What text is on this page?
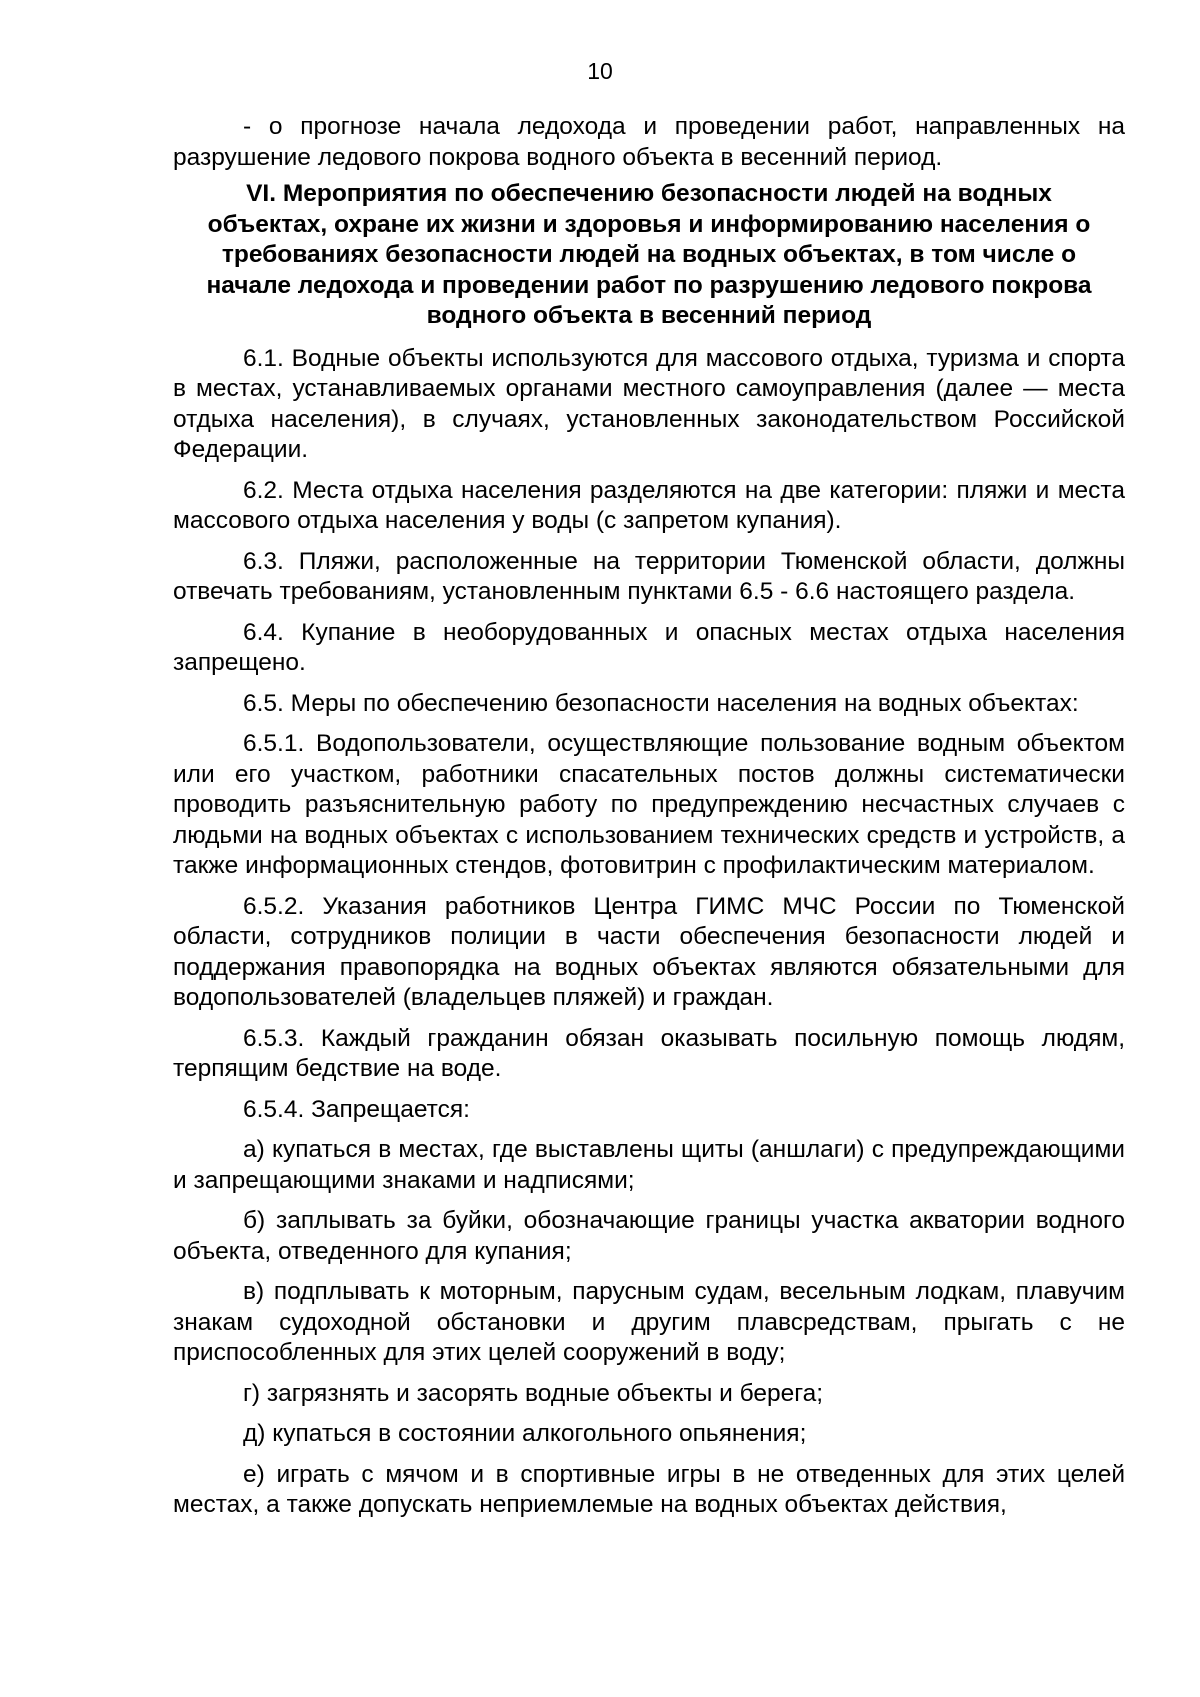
10

- о прогнозе начала ледохода и проведении работ, направленных на разрушение ледового покрова водного объекта в весенний период.

VI. Мероприятия по обеспечению безопасности людей на водных объектах, охране их жизни и здоровья и информированию населения о требованиях безопасности людей на водных объектах, в том числе о начале ледохода и проведении работ по разрушению ледового покрова водного объекта в весенний период

6.1. Водные объекты используются для массового отдыха, туризма и спорта в местах, устанавливаемых органами местного самоуправления (далее — места отдыха населения), в случаях, установленных законодательством Российской Федерации.

6.2. Места отдыха населения разделяются на две категории: пляжи и места массового отдыха населения у воды (с запретом купания).

6.3. Пляжи, расположенные на территории Тюменской области, должны отвечать требованиям, установленным пунктами 6.5 - 6.6 настоящего раздела.

6.4. Купание в необорудованных и опасных местах отдыха населения запрещено.

6.5. Меры по обеспечению безопасности населения на водных объектах:

6.5.1. Водопользователи, осуществляющие пользование водным объектом или его участком, работники спасательных постов должны систематически проводить разъяснительную работу по предупреждению несчастных случаев с людьми на водных объектах с использованием технических средств и устройств, а также информационных стендов, фотовитрин с профилактическим материалом.

6.5.2. Указания работников Центра ГИМС МЧС России по Тюменской области, сотрудников полиции в части обеспечения безопасности людей и поддержания правопорядка на водных объектах являются обязательными для водопользователей (владельцев пляжей) и граждан.

6.5.3. Каждый гражданин обязан оказывать посильную помощь людям, терпящим бедствие на воде.

6.5.4. Запрещается:

а) купаться в местах, где выставлены щиты (аншлаги) с предупреждающими и запрещающими знаками и надписями;

б) заплывать за буйки, обозначающие границы участка акватории водного объекта, отведенного для купания;

в) подплывать к моторным, парусным судам, весельным лодкам, плавучим знакам судоходной обстановки и другим плавсредствам, прыгать с не приспособленных для этих целей сооружений в воду;

г) загрязнять и засорять водные объекты и берега;

д) купаться в состоянии алкогольного опьянения;

е) играть с мячом и в спортивные игры в не отведенных для этих целей местах, а также допускать неприемлемые на водных объектах действия,
